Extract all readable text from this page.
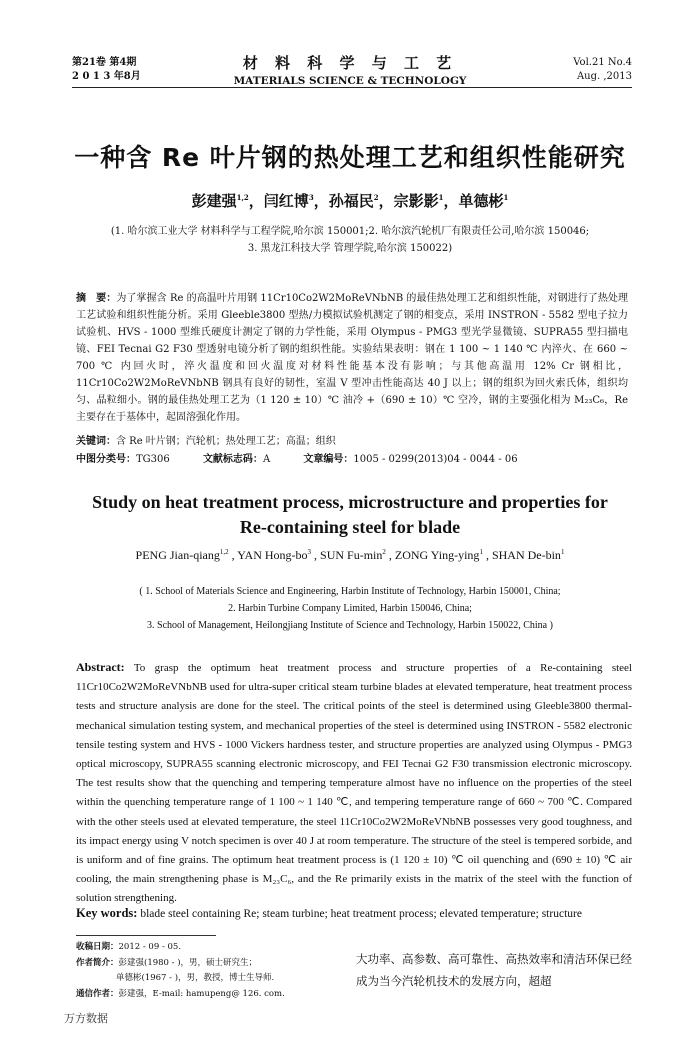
第21卷 第4期
2 0 1 3 年8月
材 料 科 学 与 工 艺
MATERIALS SCIENCE & TECHNOLOGY
Vol.21 No.4
Aug. ,2013
一种含 Re 叶片钢的热处理工艺和组织性能研究
彭建强$^{1,2}$，闫红博$^3$，孙福民$^2$，宗影影$^1$，单德彬$^1$
(1. 哈尔滨工业大学 材料科学与工程学院,哈尔滨 150001;2. 哈尔滨汽轮机厂有限责任公司,哈尔滨 150046;
3. 黑龙江科技大学 管理学院,哈尔滨 150022)
摘　要：为了掌握含 Re 的高温叶片用钢 11Cr10Co2W2MoReVNbNB 的最佳热处理工艺和组织性能，对钢进行了热处理工艺试验和组织性能分析。采用 Gleeble3800 型热/力模拟试验机测定了钢的相变点，采用 INSTRON - 5582 型电子拉力试验机、HVS - 1000 型维氏硬度计测定了钢的力学性能，采用 Olympus - PMG3 型光学显微镜、SUPRA55 型扫描电镜、FEI Tecnai G2 F30 型透射电镜分析了钢的组织性能。实验结果表明：钢在 1 100 ~ 1 140 ℃ 内淬火、在 660 ~ 700 ℃ 内回火时，淬火温度和回火温度对材料性能基本没有影响；与其他高温用 12% Cr 钢相比，11Cr10Co2W2MoReVNbNB 钢具有良好的韧性，室温 V 型冲击性能高达 40 J 以上；钢的组织为回火索氏体，组织均匀、晶粒细小。钢的最佳热处理工艺为（1 120 ± 10）℃ 油冷 +（690 ± 10）℃ 空冷，钢的主要强化相为 M₂₃C₆，Re 主要存在于基体中，起固溶强化作用。
关键词：含 Re 叶片钢；汽轮机；热处理工艺；高温；组织
中图分类号：TG306	文献标志码：A	文章编号：1005 - 0299(2013)04 - 0044 - 06
Study on heat treatment process, microstructure and properties for
Re-containing steel for blade
PENG Jian-qiang$^{1,2}$ , YAN Hong-$bo^3$ , SUN $Fu-\min^2$ , ZONG Ying-ying$^1$ , SHAN De-bin$^1$
( 1. School of Materials Science and Engineering, Harbin Institute of Technology, Harbin 150001, China;
2. Harbin Turbine Company Limited, Harbin 150046, China;
3. School of Management, Heilongjiang Institute of Science and Technology, Harbin 150022, China )
Abstract: To grasp the optimum heat treatment process and structure properties of a Re-containing steel 11Cr10Co2W2MoReVNbNB used for ultra-super critical steam turbine blades at elevated temperature, heat treatment process tests and structure analysis are done for the steel. The critical points of the steel is determined using Gleeble3800 thermal-mechanical simulation testing system, and mechanical properties of the steel is determined using INSTRON - 5582 electronic tensile testing system and HVS - 1000 Vickers hardness tester, and structure properties are analyzed using Olympus - PMG3 optical microscopy, SUPRA55 scanning electronic microscopy, and FEI Tecnai G2 F30 transmission electronic microscopy. The test results show that the quenching and tempering temperature almost have no influence on the properties of the steel within the quenching temperature range of 1 100 ~ 1 140 ℃, and tempering temperature range of 660 ~ 700 ℃. Compared with the other steels used at elevated temperature, the steel 11Cr10Co2W2MoReVNbNB possesses very good toughness, and its impact energy using V notch specimen is over 40 J at room temperature. The structure of the steel is tempered sorbide, and is uniform and of fine grains. The optimum heat treatment process is (1 120 ± 10) ℃ oil quenching and (690 ± 10) ℃ air cooling, the main strengthening phase is M₂₃C₆, and the Re primarily exists in the matrix of the steel with the function of solution strengthening.
Key words: blade steel containing Re; steam turbine; heat treatment process; elevated temperature; structure
收稿日期：2012 - 09 - 05.
作者简介：彭建强(1980 - )，男，硕士研究生；
单德彬(1967 - )，男，教授，博士生导师.
通信作者：彭建强，E-mail: hamupeng@ 126. com.
大功率、高参数、高可靠性、高热效率和清洁环保已经成为当今汽轮机技术的发展方向，超超
万方数据
